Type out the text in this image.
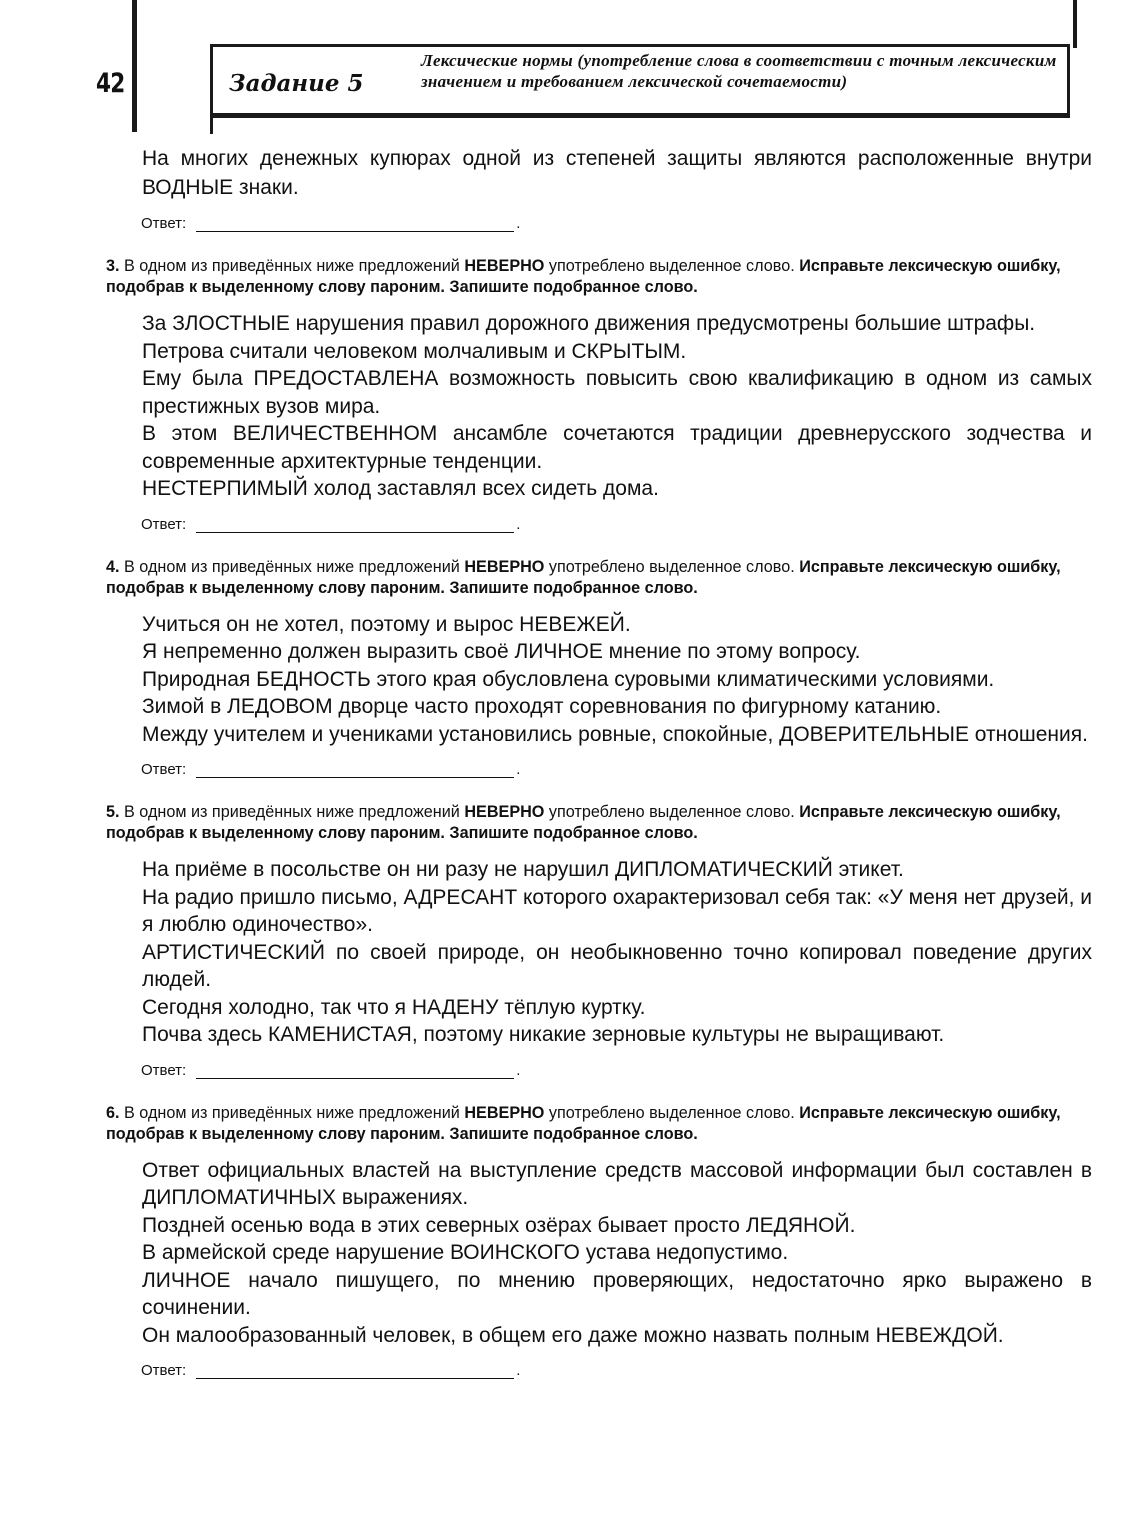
42	Задание 5
Лексические нормы (употребление слова в соответствии с точным лексическим значением и требованием лексической сочетаемости)
На многих денежных купюрах одной из степеней защиты являются расположенные внутри ВОДНЫЕ знаки.
Ответ:	.
3. В одном из приведённых ниже предложений НЕВЕРНО употреблено выделенное слово. Исправьте лексическую ошибку, подобрав к выделенному слову пароним. Запишите подобранное слово.
За ЗЛОСТНЫЕ нарушения правил дорожного движения предусмотрены большие штрафы.
Петрова считали человеком молчаливым и СКРЫТЫМ.
Ему была ПРЕДОСТАВЛЕНА возможность повысить свою квалификацию в одном из самых престижных вузов мира.
В этом ВЕЛИЧЕСТВЕННОМ ансамбле сочетаются традиции древнерусского зодчества и современные архитектурные тенденции.
НЕСТЕРПИМЫЙ холод заставлял всех сидеть дома.
Ответ:	.
4. В одном из приведённых ниже предложений НЕВЕРНО употреблено выделенное слово. Исправьте лексическую ошибку, подобрав к выделенному слову пароним. Запишите подобранное слово.
Учиться он не хотел, поэтому и вырос НЕВЕЖЕЙ.
Я непременно должен выразить своё ЛИЧНОЕ мнение по этому вопросу.
Природная БЕДНОСТЬ этого края обусловлена суровыми климатическими условиями.
Зимой в ЛЕДОВОМ дворце часто проходят соревнования по фигурному катанию.
Между учителем и учениками установились ровные, спокойные, ДОВЕРИТЕЛЬНЫЕ отношения.
Ответ:	.
5. В одном из приведённых ниже предложений НЕВЕРНО употреблено выделенное слово. Исправьте лексическую ошибку, подобрав к выделенному слову пароним. Запишите подобранное слово.
На приёме в посольстве он ни разу не нарушил ДИПЛОМАТИЧЕСКИЙ этикет.
На радио пришло письмо, АДРЕСАНТ которого охарактеризовал себя так: «У меня нет друзей, и я люблю одиночество».
АРТИСТИЧЕСКИЙ по своей природе, он необыкновенно точно копировал поведение других людей.
Сегодня холодно, так что я НАДЕНУ тёплую куртку.
Почва здесь КАМЕНИСТАЯ, поэтому никакие зерновые культуры не выращивают.
Ответ:	.
6. В одном из приведённых ниже предложений НЕВЕРНО употреблено выделенное слово. Исправьте лексическую ошибку, подобрав к выделенному слову пароним. Запишите подобранное слово.
Ответ официальных властей на выступление средств массовой информации был составлен в ДИПЛОМАТИЧНЫХ выражениях.
Поздней осенью вода в этих северных озёрах бывает просто ЛЕДЯНОЙ.
В армейской среде нарушение ВОИНСКОГО устава недопустимо.
ЛИЧНОЕ начало пишущего, по мнению проверяющих, недостаточно ярко выражено в сочинении.
Он малообразованный человек, в общем его даже можно назвать полным НЕВЕЖДОЙ.
Ответ:	.
